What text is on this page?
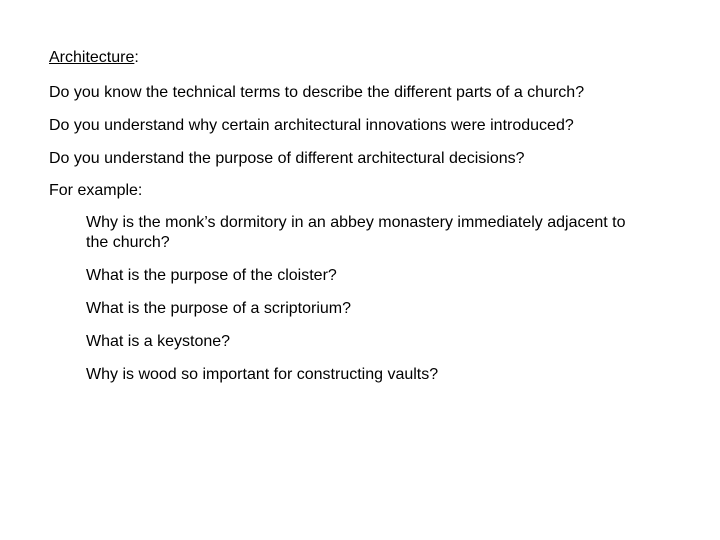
Architecture:
Do you know the technical terms to describe the different parts of a church?
Do you understand why certain architectural innovations were introduced?
Do you understand the purpose of different architectural decisions?
For example:
Why is the monk’s dormitory in an abbey monastery immediately adjacent to the church?
What is the purpose of the cloister?
What is the purpose of a scriptorium?
What is a keystone?
Why is wood so important for constructing vaults?
